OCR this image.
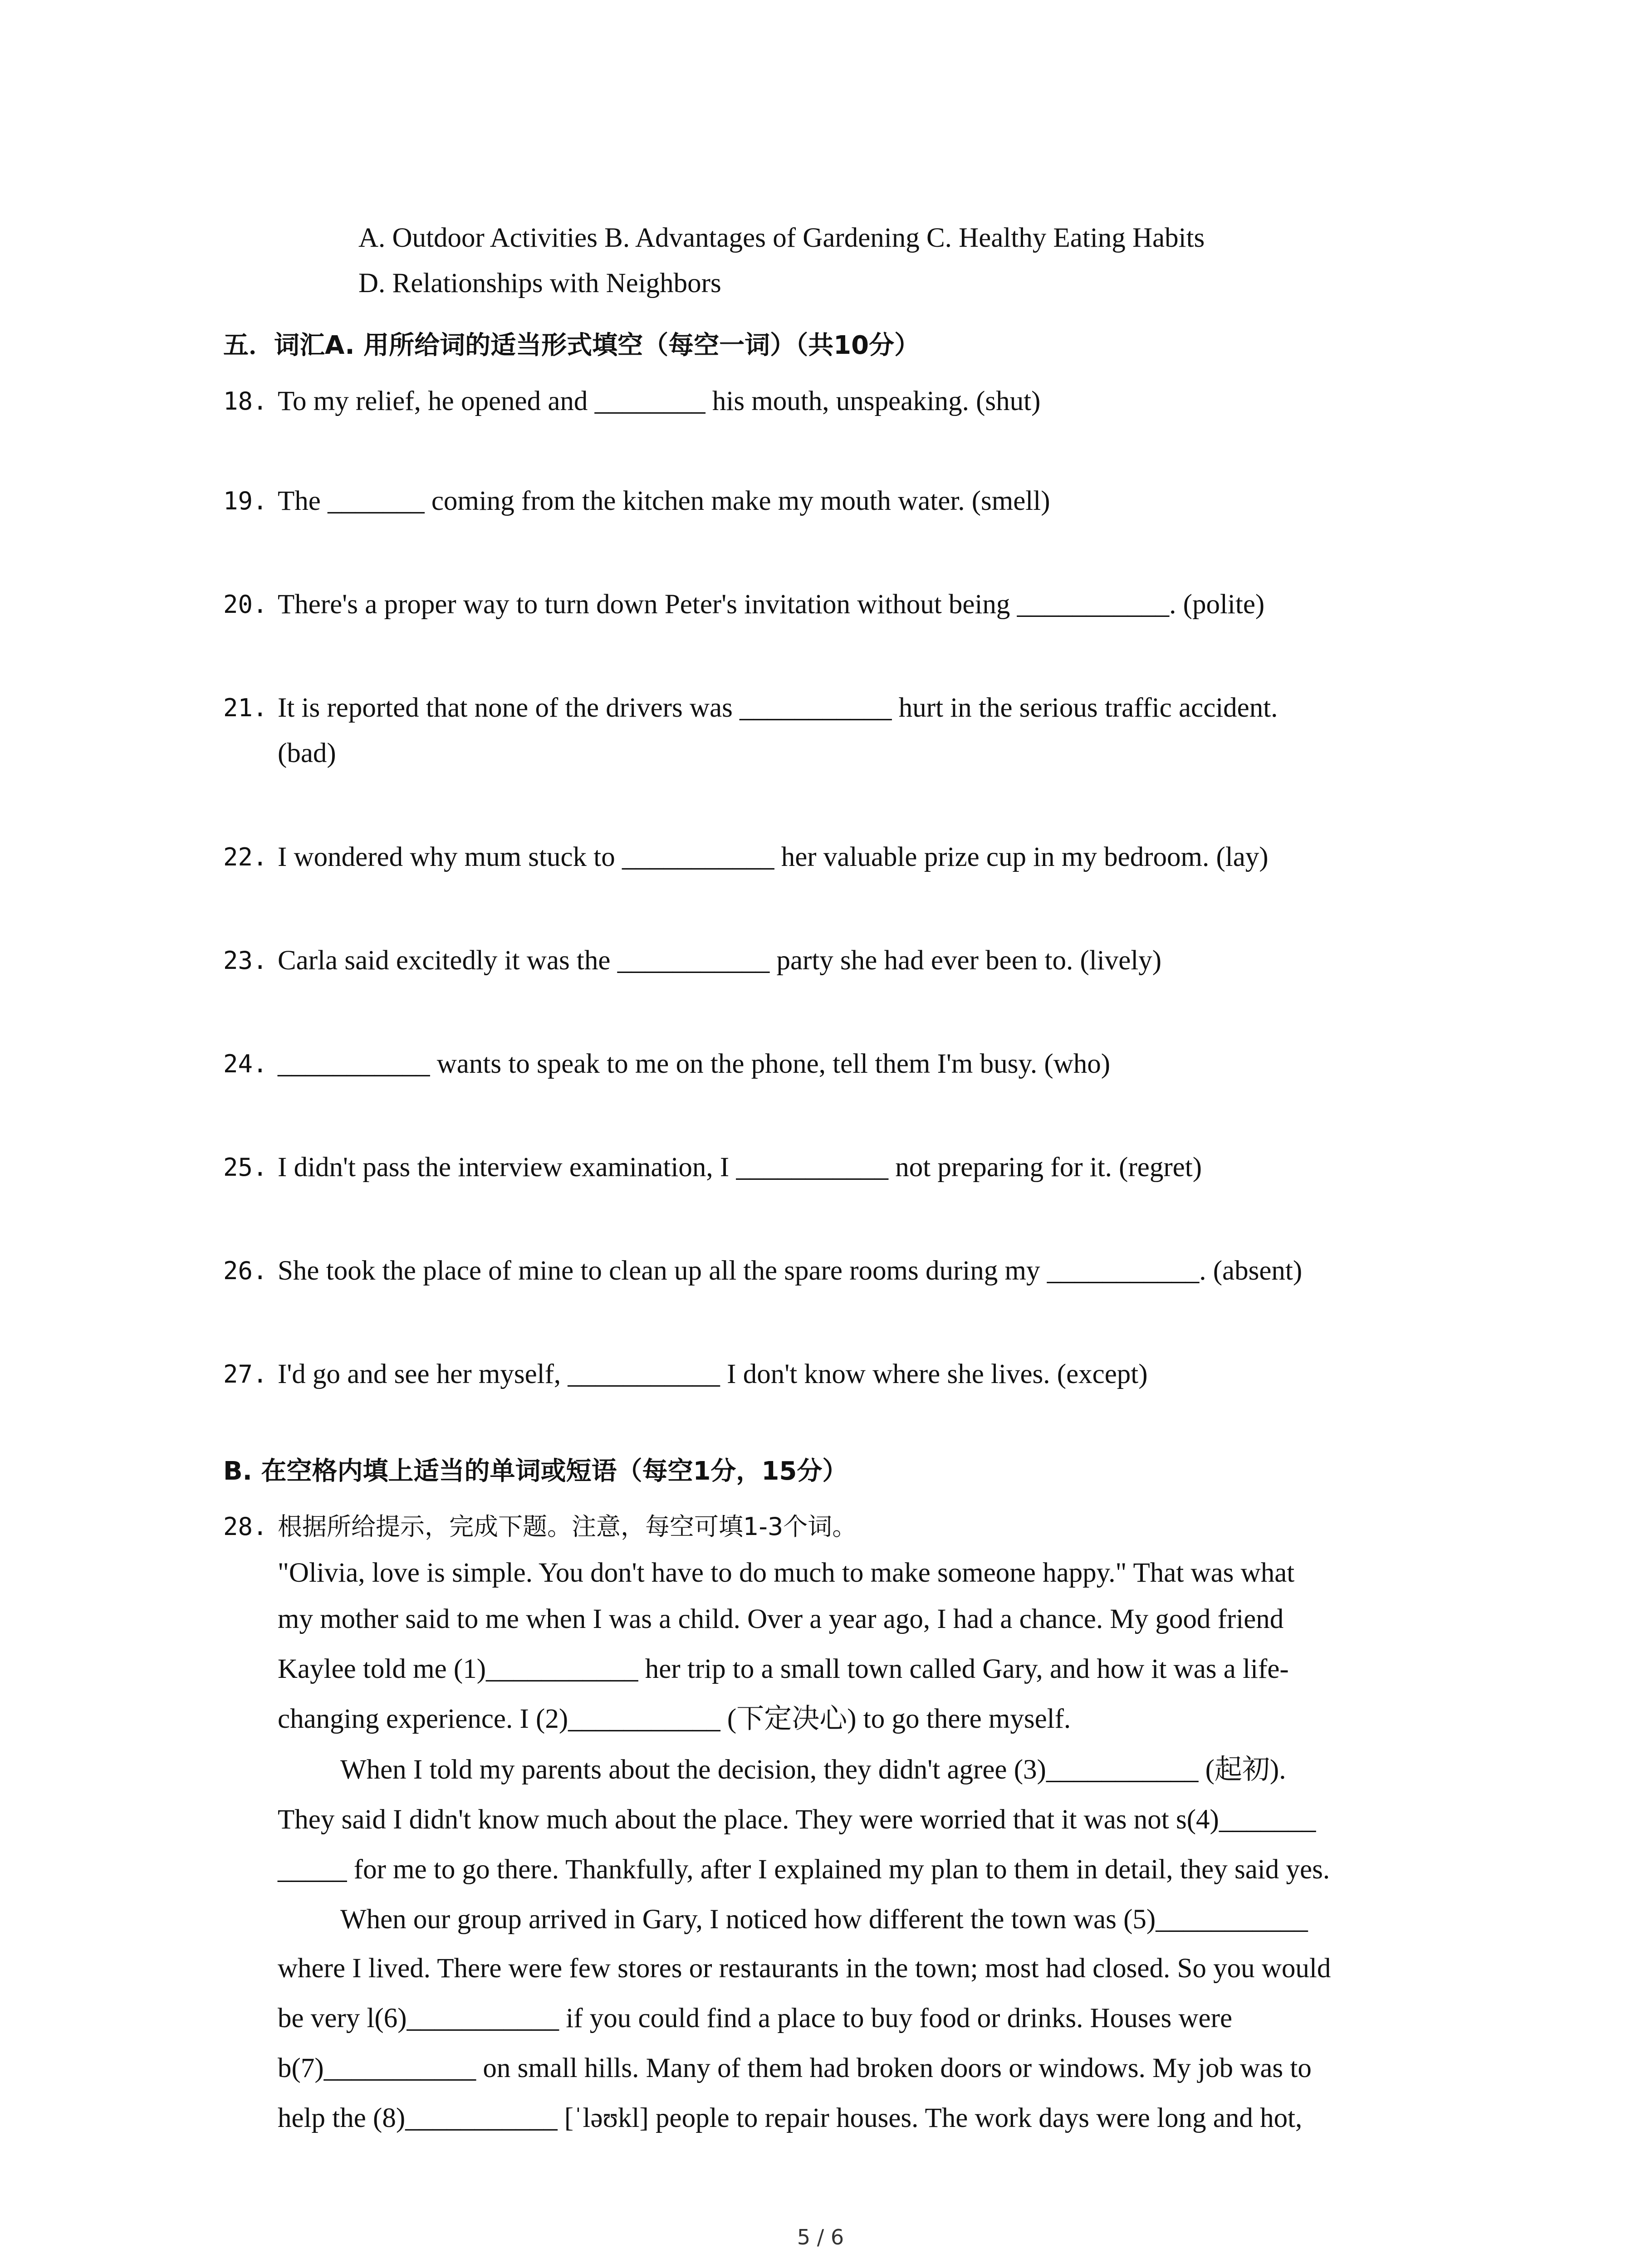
A. Outdoor Activities B. Advantages of Gardening C. Healthy Eating Habits
D. Relationships with Neighbors
五．词汇A. 用所给词的适当形式填空（每空一词）（共10分）
18. To my relief, he opened and ________ his mouth, unspeaking. (shut)
19. The _______ coming from the kitchen make my mouth water. (smell)
20. There's a proper way to turn down Peter's invitation without being ___________. (polite)
21. It is reported that none of the drivers was ___________ hurt in the serious traffic accident.
(bad)
22. I wondered why mum stuck to ___________ her valuable prize cup in my bedroom. (lay)
23. Carla said excitedly it was the ___________ party she had ever been to. (lively)
24. ___________ wants to speak to me on the phone, tell them I'm busy. (who)
25. I didn't pass the interview examination, I ___________ not preparing for it. (regret)
26. She took the place of mine to clean up all the spare rooms during my ___________. (absent)
27. I'd go and see her myself, ___________ I don't know where she lives. (except)
B. 在空格内填上适当的单词或短语（每空1分，15分）
28. 根据所给提示，完成下题。注意，每空可填1-3个词。
"Olivia, love is simple. You don't have to do much to make someone happy." That was what
my mother said to me when I was a child. Over a year ago, I had a chance. My good friend
Kaylee told me (1)___________ her trip to a small town called Gary, and how it was a life-
changing experience. I (2)___________ (下定决心) to go there myself.
When I told my parents about the decision, they didn't agree (3)___________ (起初).
They said I didn't know much about the place. They were worried that it was not s(4)_______
_____ for me to go there. Thankfully, after I explained my plan to them in detail, they said yes.
When our group arrived in Gary, I noticed how different the town was (5)___________
where I lived. There were few stores or restaurants in the town; most had closed. So you would
be very l(6)___________ if you could find a place to buy food or drinks. Houses were
b(7)___________ on small hills. Many of them had broken doors or windows. My job was to
help the (8)___________ [ˈləʊkl] people to repair houses. The work days were long and hot,
5 / 6
